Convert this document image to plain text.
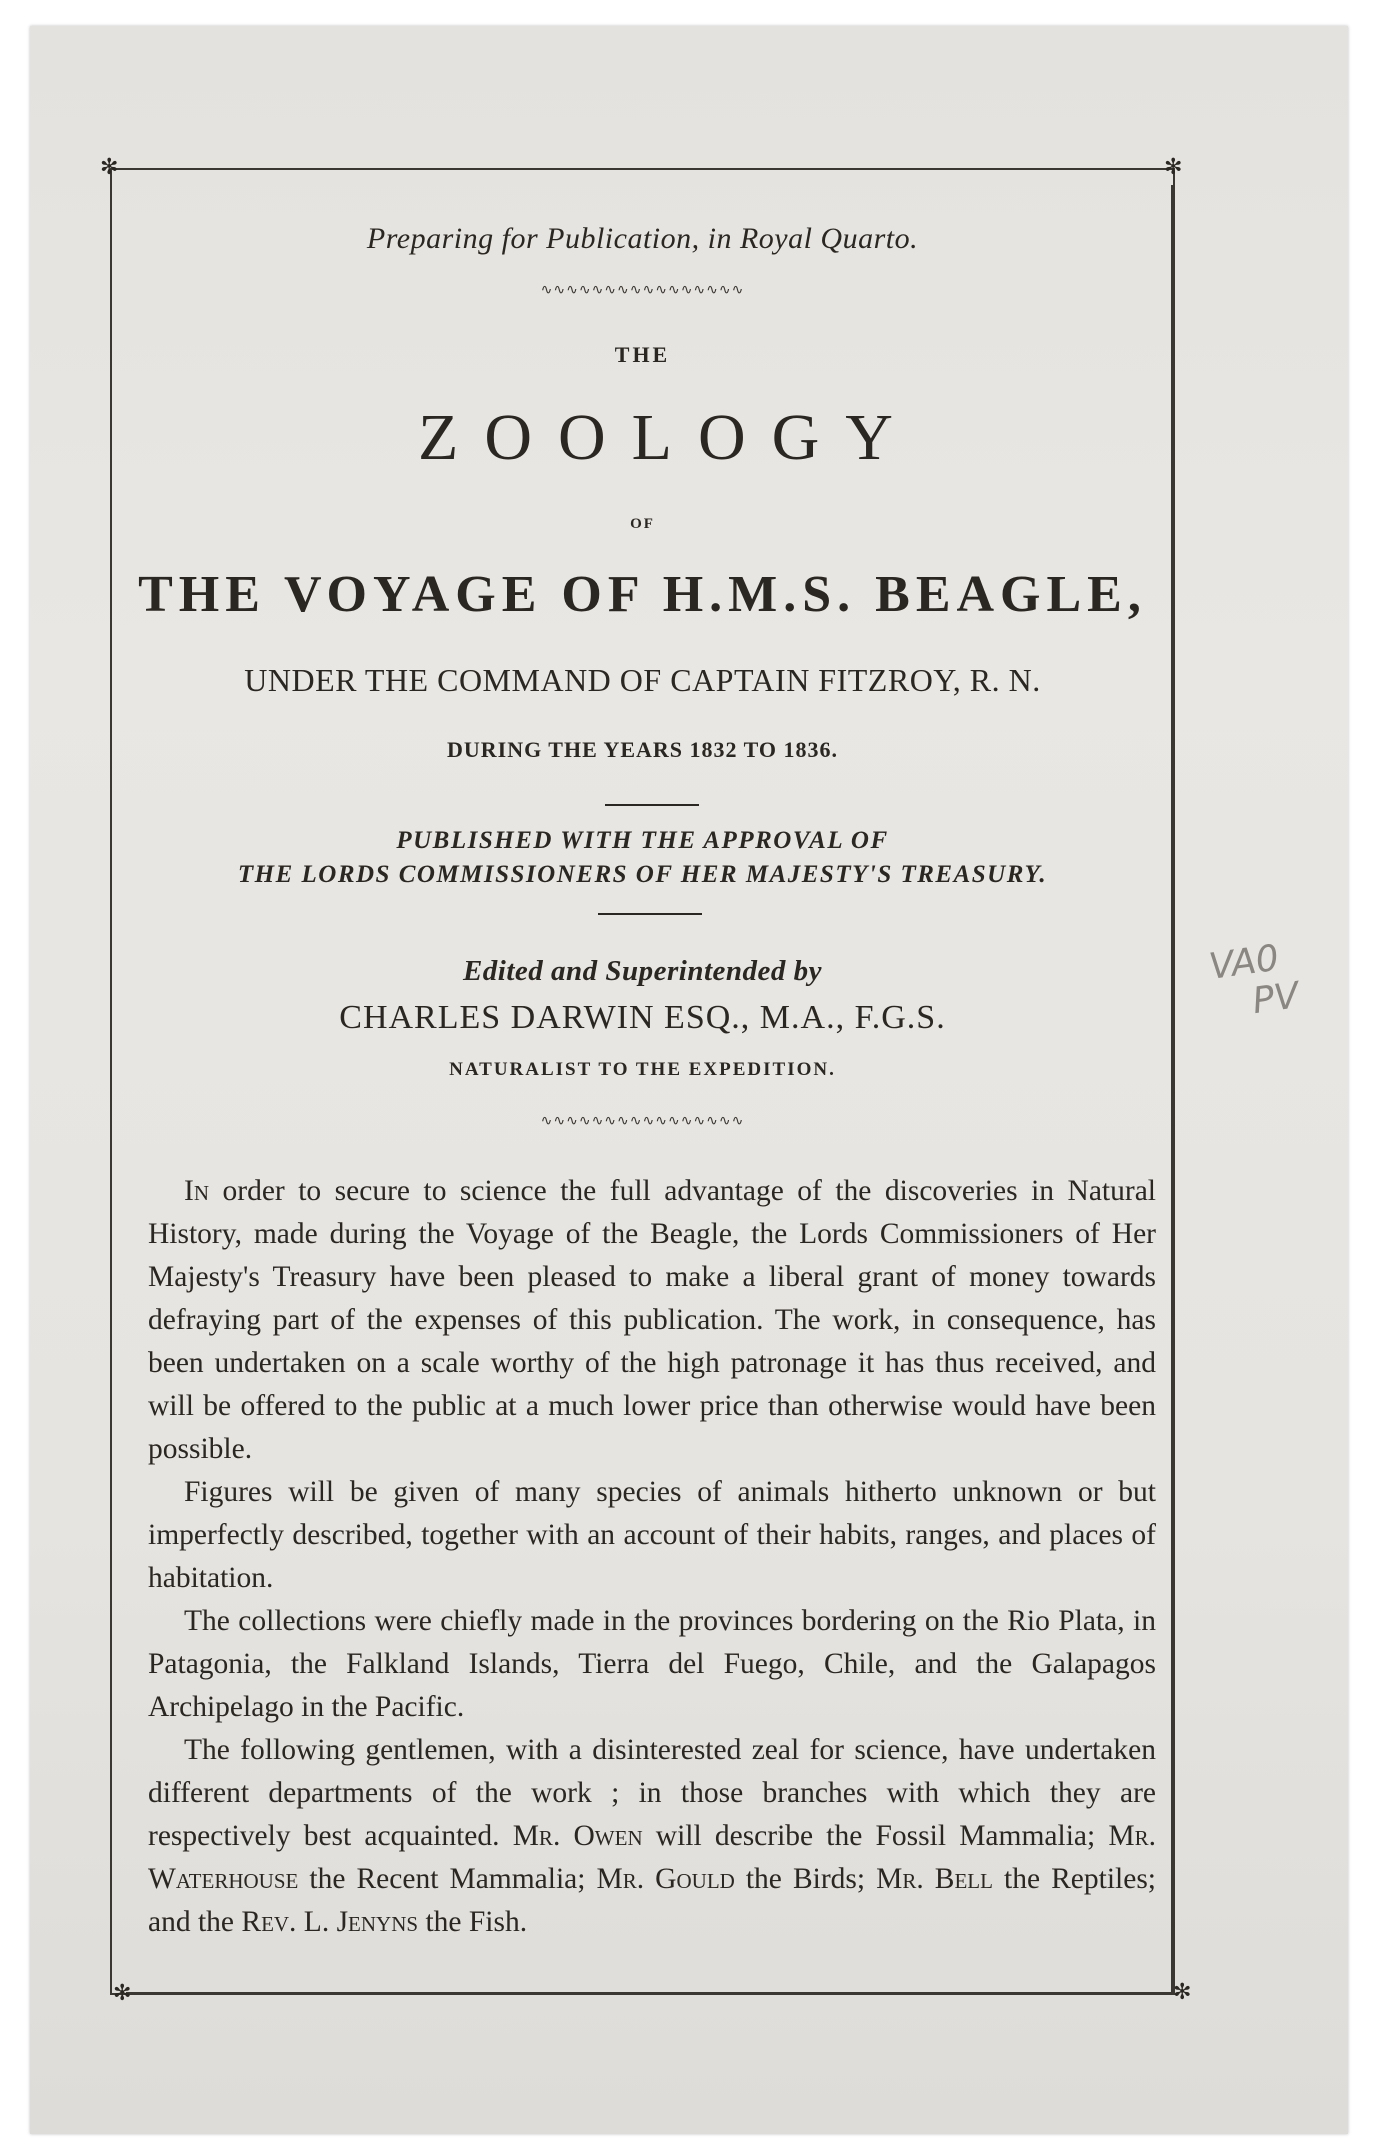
✻	✻
✻	✻
Preparing for Publication, in Royal Quarto.
∿∿∿∿∿∿∿∿∿∿∿∿∿∿∿∿
THE
ZOOLOGY
OF
THE VOYAGE OF H.M.S. BEAGLE,
UNDER THE COMMAND OF CAPTAIN FITZROY, R. N.
DURING THE YEARS 1832 TO 1836.
PUBLISHED WITH THE APPROVAL OF
THE LORDS COMMISSIONERS OF HER MAJESTY'S TREASURY.
Edited and Superintended by
CHARLES DARWIN ESQ., M.A., F.G.S.
NATURALIST TO THE EXPEDITION.
∿∿∿∿∿∿∿∿∿∿∿∿∿∿∿∿

In order to secure to science the full advantage of the discoveries in Natural History, made during the Voyage of the Beagle, the Lords Commissioners of Her Majesty's Treasury have been pleased to make a liberal grant of money towards defraying part of the expenses of this publication. The work, in consequence, has been undertaken on a scale worthy of the high patronage it has thus received, and will be offered to the public at a much lower price than otherwise would have been possible.

Figures will be given of many species of animals hitherto unknown or but imperfectly described, together with an account of their habits, ranges, and places of habitation.

The collections were chiefly made in the provinces bordering on the Rio Plata, in Patagonia, the Falkland Islands, Tierra del Fuego, Chile, and the Galapagos Archipelago in the Pacific.

The following gentlemen, with a disinterested zeal for science, have undertaken different departments of the work ; in those branches with which they are respectively best acquainted. Mr. Owen will describe the Fossil Mammalia; Mr. Waterhouse the Recent Mammalia; Mr. Gould the Birds; Mr. Bell the Reptiles; and the Rev. L. Jenyns the Fish.

VA0
PV
